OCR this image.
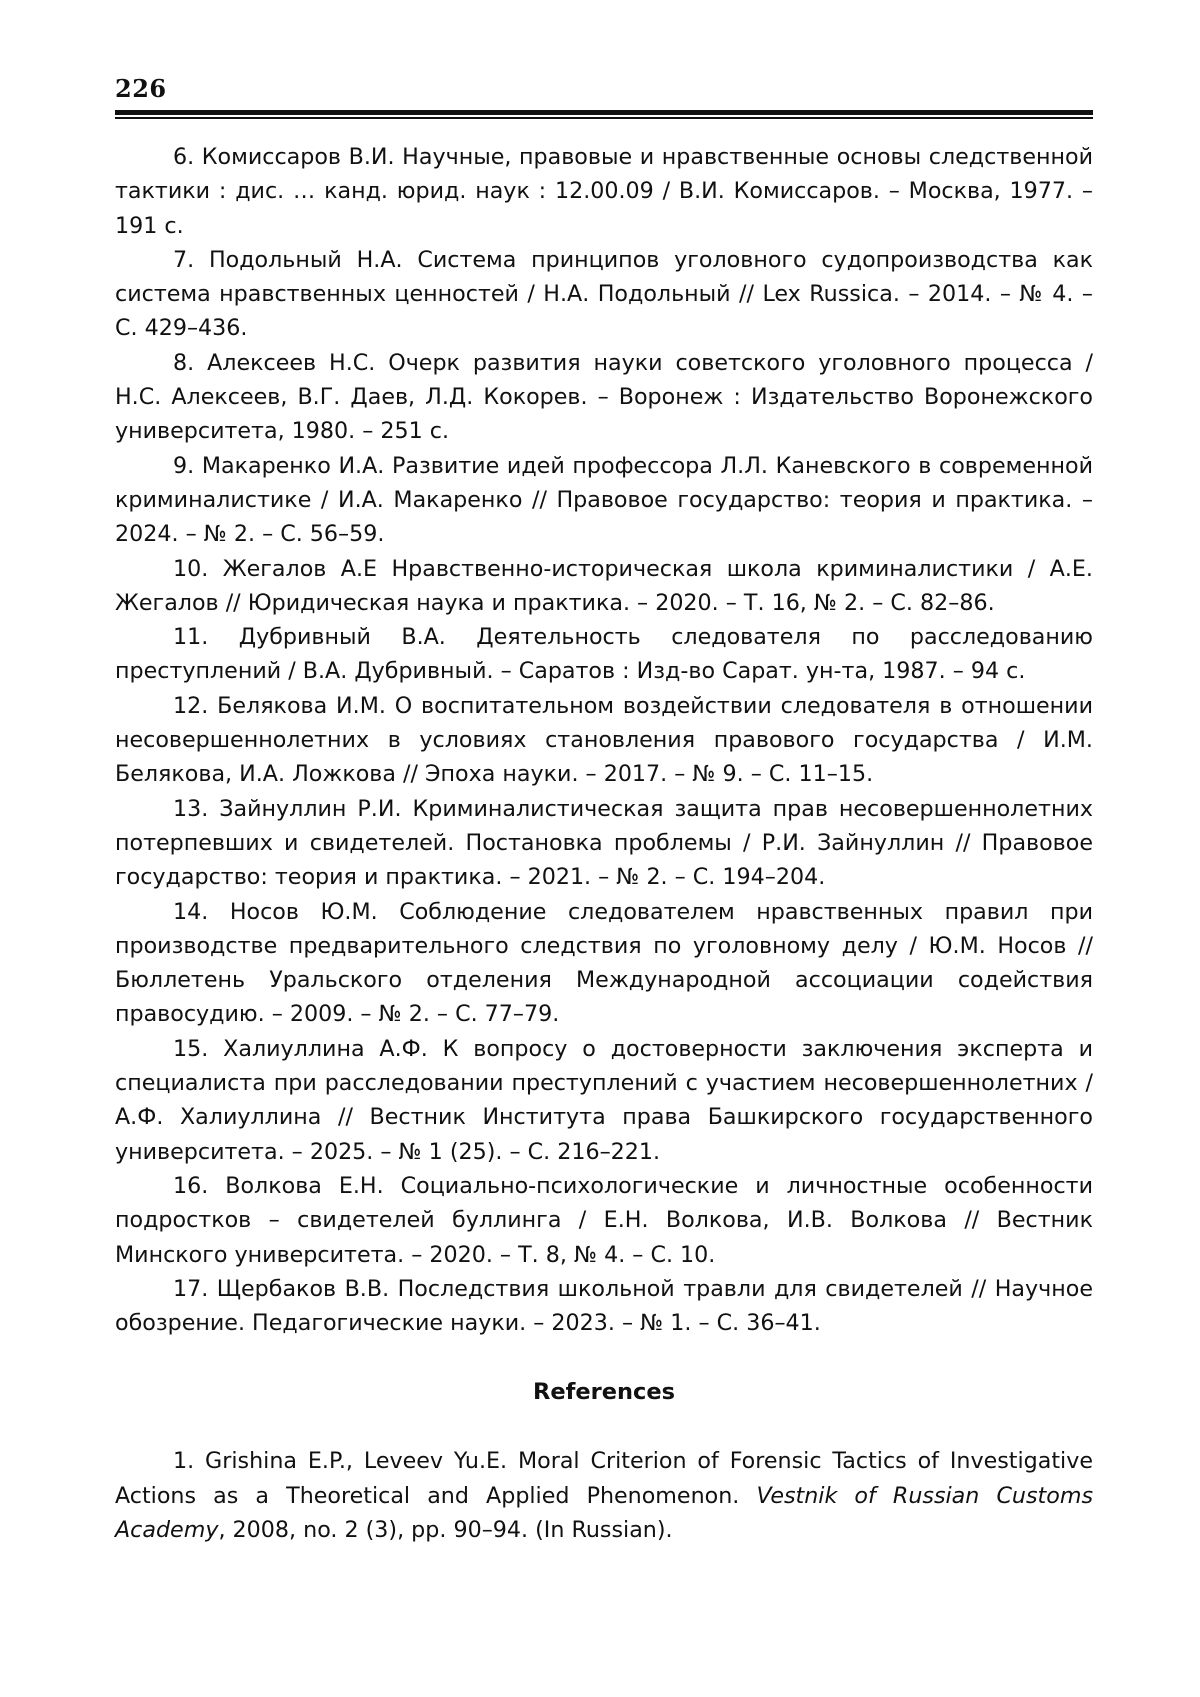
226

6. Комиссаров В.И. Научные, правовые и нравственные основы следственной тактики : дис. … канд. юрид. наук : 12.00.09 / В.И. Комиссаров. – Москва, 1977. – 191 с.

7. Подольный Н.А. Система принципов уголовного судопроизводства как система нравственных ценностей / Н.А. Подольный // Lex Russica. – 2014. – № 4. – С. 429–436.

8. Алексеев Н.С. Очерк развития науки советского уголовного процесса / Н.С. Алексеев, В.Г. Даев, Л.Д. Кокорев. – Воронеж : Издательство Воронежского университета, 1980. – 251 с.

9. Макаренко И.А. Развитие идей профессора Л.Л. Каневского в современной криминалистике / И.А. Макаренко // Правовое государство: теория и практика. – 2024. – № 2. – С. 56–59.

10. Жегалов А.Е Нравственно-историческая школа криминалистики / А.Е. Жегалов // Юридическая наука и практика. – 2020. – Т. 16, № 2. – С. 82–86.

11. Дубривный В.А. Деятельность следователя по расследованию преступлений / В.А. Дубривный. – Саратов : Изд-во Сарат. ун-та, 1987. – 94 с.

12. Белякова И.М. О воспитательном воздействии следователя в отношении несовершеннолетних в условиях становления правового государства / И.М. Белякова, И.А. Ложкова // Эпоха науки. – 2017. – № 9. – С. 11–15.

13. Зайнуллин Р.И. Криминалистическая защита прав несовершеннолетних потерпевших и свидетелей. Постановка проблемы / Р.И. Зайнуллин // Правовое государство: теория и практика. – 2021. – № 2. – С. 194–204.

14. Носов Ю.М. Соблюдение следователем нравственных правил при производстве предварительного следствия по уголовному делу / Ю.М. Носов // Бюллетень Уральского отделения Международной ассоциации содействия правосудию. – 2009. – № 2. – С. 77–79.

15. Халиуллина А.Ф. К вопросу о достоверности заключения эксперта и специалиста при расследовании преступлений с участием несовершеннолетних / А.Ф. Халиуллина // Вестник Института права Башкирского государственного университета. – 2025. – № 1 (25). – С. 216–221.

16. Волкова Е.Н. Социально-психологические и личностные особенности подростков – свидетелей буллинга / Е.Н. Волкова, И.В. Волкова // Вестник Минского университета. – 2020. – Т. 8, № 4. – С. 10.

17. Щербаков В.В. Последствия школьной травли для свидетелей // Научное обозрение. Педагогические науки. – 2023. – № 1. – С. 36–41.

References

1. Grishina E.P., Leveev Yu.E. Moral Criterion of Forensic Tactics of Investigative Actions as a Theoretical and Applied Phenomenon. Vestnik of Russian Customs Academy, 2008, no. 2 (3), pp. 90–94. (In Russian).
